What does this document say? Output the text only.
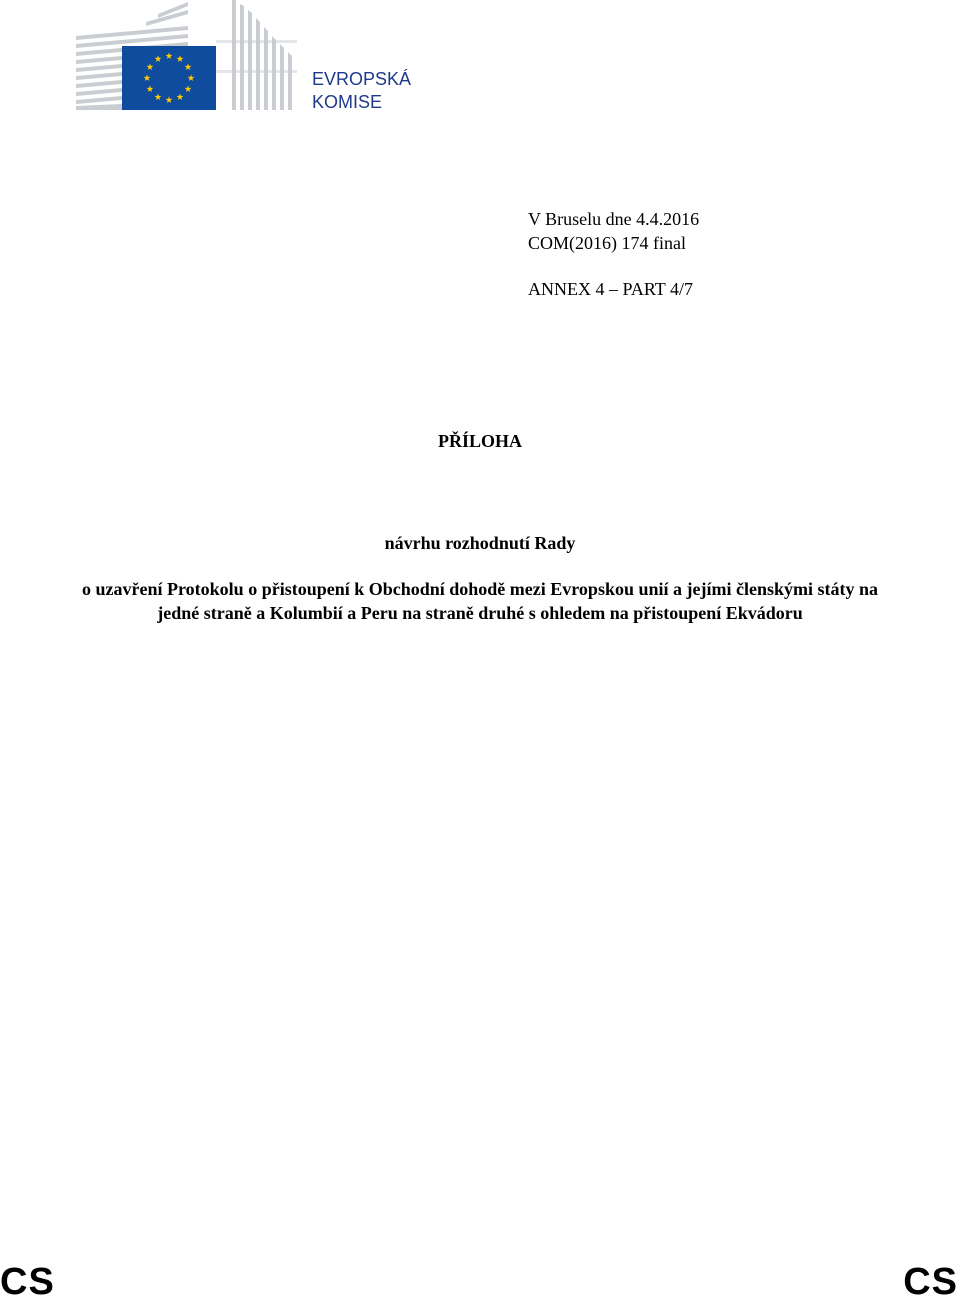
EVROPSKÁ
KOMISE
V Bruselu dne 4.4.2016
COM(2016) 174 final
ANNEX 4 – PART 4/7
PŘÍLOHA
návrhu rozhodnutí Rady
o uzavření Protokolu o přistoupení k Obchodní dohodě mezi Evropskou unií a jejími členskými státy na jedné straně a Kolumbií a Peru na straně druhé s ohledem na přistoupení Ekvádoru
CS	CS
